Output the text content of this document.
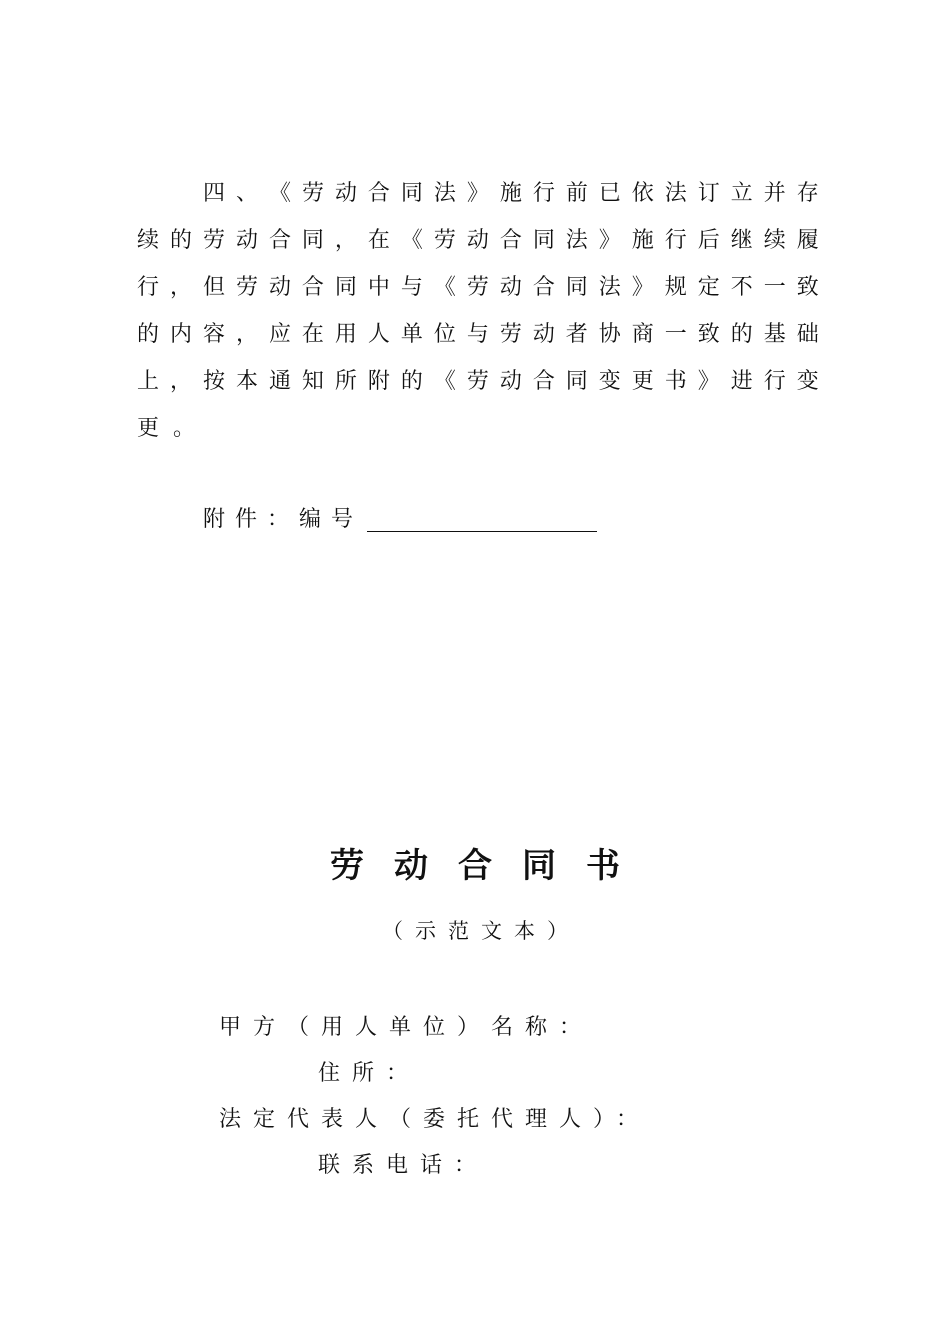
四 、 《 劳 动 合 同 法 》 施 行 前 已 依 法 订 立 并 存
续 的 劳 动 合 同 ， 在 《 劳 动 合 同 法 》 施 行 后 继 续 履
行 ， 但 劳 动 合 同 中 与 《 劳 动 合 同 法 》 规 定 不 一 致
的 内 容 ， 应 在 用 人 单 位 与 劳 动 者 协 商 一 致 的 基 础
上 ， 按 本 通 知 所 附 的 《 劳 动 合 同 变 更 书 》 进 行 变
更 。
附件：编号
劳动合同书
（示范文本）
甲方（用人单位）名称：
住所：
法定代表人（委托代理人）：
联系电话：
